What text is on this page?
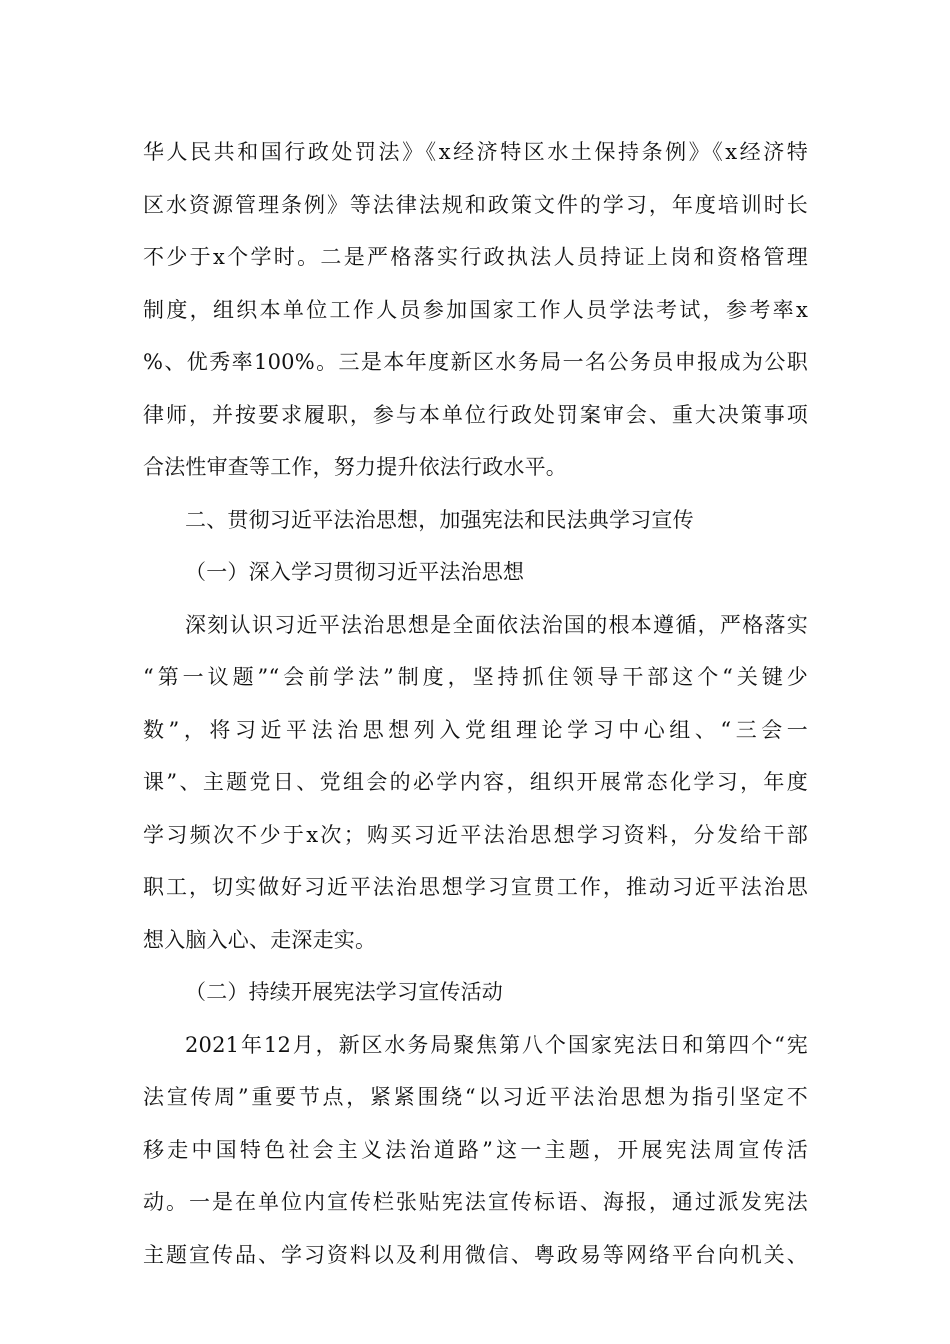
华人民共和国行政处罚法》《x经济特区水土保持条例》《x经济特
区水资源管理条例》等法律法规和政策文件的学习，年度培训时长
不少于x个学时。二是严格落实行政执法人员持证上岗和资格管理
制度，组织本单位工作人员参加国家工作人员学法考试，参考率x
%、优秀率100%。三是本年度新区水务局一名公务员申报成为公职
律师，并按要求履职，参与本单位行政处罚案审会、重大决策事项
合法性审查等工作，努力提升依法行政水平。
二、贯彻习近平法治思想，加强宪法和民法典学习宣传
（一）深入学习贯彻习近平法治思想
深刻认识习近平法治思想是全面依法治国的根本遵循，严格落实
“第一议题”“会前学法”制度，坚持抓住领导干部这个“关键少
数”，将习近平法治思想列入党组理论学习中心组、“三会一
课”、主题党日、党组会的必学内容，组织开展常态化学习，年度
学习频次不少于x次；购买习近平法治思想学习资料，分发给干部
职工，切实做好习近平法治思想学习宣贯工作，推动习近平法治思
想入脑入心、走深走实。
（二）持续开展宪法学习宣传活动
2021年12月，新区水务局聚焦第八个国家宪法日和第四个“宪
法宣传周”重要节点，紧紧围绕“以习近平法治思想为指引坚定不
移走中国特色社会主义法治道路”这一主题，开展宪法周宣传活
动。一是在单位内宣传栏张贴宪法宣传标语、海报，通过派发宪法
主题宣传品、学习资料以及利用微信、粤政易等网络平台向机关、
